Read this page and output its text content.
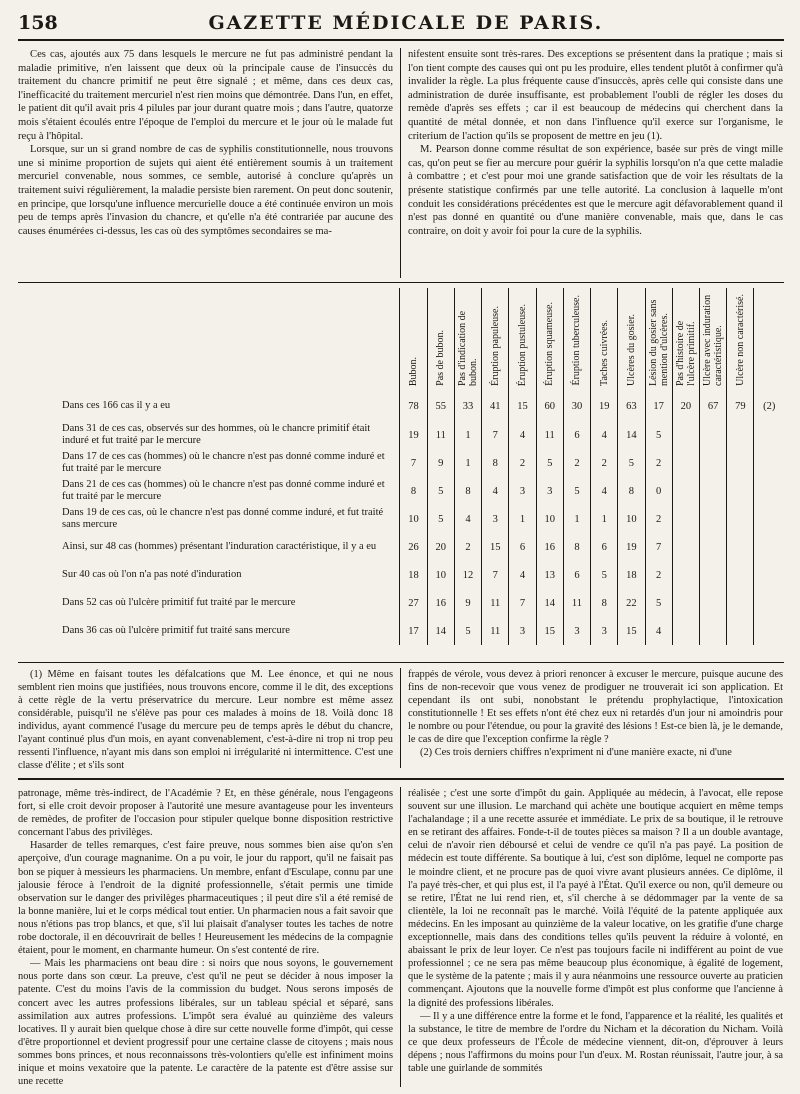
158	GAZETTE MÉDICALE DE PARIS.

Ces cas, ajoutés aux 75 dans lesquels le mercure ne fut pas administré pendant la maladie primitive, n'en laissent que deux où la principale cause de l'insuccès du traitement du chancre primitif ne peut être signalé ; et même, dans ces deux cas, l'inefficacité du traitement mercuriel n'est rien moins que démontrée. Dans l'un, en effet, le patient dit qu'il avait pris 4 pilules par jour durant quatre mois ; dans l'autre, quatorze mois s'étaient écoulés entre l'époque de l'emploi du mercure et le jour où le malade fut reçu à l'hôpital.

Lorsque, sur un si grand nombre de cas de syphilis constitutionnelle, nous trouvons une si minime proportion de sujets qui aient été entièrement soumis à un traitement mercuriel convenable, nous sommes, ce semble, autorisé à conclure qu'après un traitement suivi régulièrement, la maladie persiste bien rarement. On peut donc soutenir, en principe, que lorsqu'une influence mercurielle douce a été continuée environ un mois peu de temps après l'invasion du chancre, et qu'elle n'a été contrariée par aucune des causes énumérées ci-dessus, les cas où des symptômes secondaires se ma-

nifestent ensuite sont très-rares. Des exceptions se présentent dans la pratique ; mais si l'on tient compte des causes qui ont pu les produire, elles tendent plutôt à confirmer qu'à invalider la règle. La plus fréquente cause d'insuccès, après celle qui consiste dans une administration de durée insuffisante, est probablement l'oubli de régler les doses du remède d'après ses effets ; car il est beaucoup de médecins qui cherchent dans la quantité de métal donnée, et non dans l'influence qu'il exerce sur l'organisme, le criterium de l'action qu'ils se proposent de mettre en jeu (1).

M. Pearson donne comme résultat de son expérience, basée sur près de vingt mille cas, qu'on peut se fier au mercure pour guérir la syphilis lorsqu'on n'a que cette maladie à combattre ; et c'est pour moi une grande satisfaction que de voir les résultats de la présente statistique confirmés par une telle autorité. La conclusion à laquelle m'ont conduit les considérations précédentes est que le mercure agit défavorablement quand il n'est pas donné en quantité ou d'une manière convenable, mais que, dans le cas contraire, on doit y avoir foi pour la cure de la syphilis.

	Bubon.	Pas de bubon.	Pas d'indication de bubon.	Éruption papuleuse.	Éruption pustuleuse.	Éruption squameuse.	Éruption tuberculeuse.	Taches cuivrées.	Ulcères du gosier.	Lésion du gosier sans mention d'ulcères.	Pas d'histoire de l'ulcère primitif.	Ulcère avec induration caractéristique.	Ulcère non caractérisé.	
Dans ces 166 cas il y a eu	78	55	33	41	15	60	30	19	63	17	20	67	79	(2)
Dans 31 de ces cas, observés sur des hommes, où le chancre primitif était induré et fut traité par le mercure	19	11	1	7	4	11	6	4	14	5				
Dans 17 de ces cas (hommes) où le chancre n'est pas donné comme induré et fut traité par le mercure	7	9	1	8	2	5	2	2	5	2				
Dans 21 de ces cas (hommes) où le chancre n'est pas donné comme induré et fut traité par le mercure	8	5	8	4	3	3	5	4	8	0				
Dans 19 de ces cas, où le chancre n'est pas donné comme induré, et fut traité sans mercure	10	5	4	3	1	10	1	1	10	2				
Ainsi, sur 48 cas (hommes) présentant l'induration caractéristique, il y a eu	26	20	2	15	6	16	8	6	19	7				
Sur 40 cas où l'on n'a pas noté d'induration	18	10	12	7	4	13	6	5	18	2				
Dans 52 cas où l'ulcère primitif fut traité par le mercure	27	16	9	11	7	14	11	8	22	5				
Dans 36 cas où l'ulcère primitif fut traité sans mercure	17	14	5	11	3	15	3	3	15	4				

(1) Même en faisant toutes les défalcations que M. Lee énonce, et qui ne nous semblent rien moins que justifiées, nous trouvons encore, comme il le dit, des exceptions à cette règle de la vertu préservatrice du mercure. Leur nombre est même assez considérable, puisqu'il ne s'élève pas pour ces malades à moins de 18. Voilà donc 18 individus, ayant commencé l'usage du mercure peu de temps après le début du chancre, l'ayant continué plus d'un mois, en ayant convenablement, c'est-à-dire ni trop ni trop peu ressenti l'influence, n'ayant mis dans son emploi ni irrégularité ni intermittence. C'est une classe d'élite ; et s'ils sont

frappés de vérole, vous devez à priori renoncer à excuser le mercure, puisque aucune des fins de non-recevoir que vous venez de prodiguer ne trouverait ici son application. Et cependant ils ont subi, nonobstant le prétendu prophylactique, l'intoxication constitutionnelle ! Et ses effets n'ont été chez eux ni retardés d'un jour ni amoindris pour le nombre ou pour l'étendue, ou pour la gravité des lésions ! Est-ce bien là, je le demande, le cas de dire que l'exception confirme la règle ?

(2) Ces trois derniers chiffres n'expriment ni d'une manière exacte, ni d'une

patronage, même très-indirect, de l'Académie ? Et, en thèse générale, nous l'engageons fort, si elle croit devoir proposer à l'autorité une mesure avantageuse pour les inventeurs de remèdes, de profiter de l'occasion pour stipuler quelque bonne disposition restrictive concernant l'abus des privilèges.

Hasarder de telles remarques, c'est faire preuve, nous sommes bien aise qu'on s'en aperçoive, d'un courage magnanime. On a pu voir, le jour du rapport, qu'il ne faisait pas bon se piquer à messieurs les pharmaciens. Un membre, enfant d'Esculape, connu par une jalousie féroce à l'endroit de la dignité professionnelle, s'était permis une timide observation sur le danger des privilèges pharmaceutiques ; il peut dire s'il a été remisé de la bonne manière, lui et le corps médical tout entier. Un pharmacien nous a fait savoir que nous n'étions pas trop blancs, et que, s'il lui plaisait d'analyser toutes les taches de notre robe doctorale, il en découvrirait de belles ! Heureusement les médecins de la compagnie étaient, pour le moment, en charmante humeur. On s'est contenté de rire.

— Mais les pharmaciens ont beau dire : si noirs que nous soyons, le gouvernement nous porte dans son cœur. La preuve, c'est qu'il ne peut se décider à nous imposer la patente. C'est du moins l'avis de la commission du budget. Nous serons imposés de concert avec les autres professions libérales, sur un tableau spécial et séparé, sans assimilation aux autres professions. L'impôt sera évalué au quinzième des valeurs locatives. Il y aurait bien quelque chose à dire sur cette nouvelle forme d'impôt, qui cesse d'être proportionnel et devient progressif pour une certaine classe de citoyens ; mais nous sommes bons princes, et nous reconnaissons très-volontiers qu'elle est infiniment moins inique et moins vexatoire que la patente. Le caractère de la patente est d'être assise sur une recette

réalisée ; c'est une sorte d'impôt du gain. Appliquée au médecin, à l'avocat, elle repose souvent sur une illusion. Le marchand qui achète une boutique acquiert en même temps l'achalandage ; il a une recette assurée et immédiate. Le prix de sa boutique, il le retrouve en se retirant des affaires. Fonde-t-il de toutes pièces sa maison ? Il a un double avantage, celui de n'avoir rien déboursé et celui de vendre ce qu'il n'a pas payé. La position de médecin est toute différente. Sa boutique à lui, c'est son diplôme, lequel ne comporte pas le moindre client, et ne procure pas de quoi vivre avant plusieurs années. Ce diplôme, il l'a payé très-cher, et qui plus est, il l'a payé à l'État. Qu'il exerce ou non, qu'il demeure ou se retire, l'État ne lui rend rien, et, s'il cherche à se dédommager par la vente de sa clientèle, la loi ne reconnaît pas le marché. Voilà l'équité de la patente appliquée aux médecins. En les imposant au quinzième de la valeur locative, on les gratifie d'une charge exceptionnelle, mais dans des conditions telles qu'ils peuvent la réduire à volonté, en abaissant le prix de leur loyer. Ce n'est pas toujours facile ni indifférent au point de vue professionnel ; ce ne sera pas même beaucoup plus économique, à égalité de logement, que le système de la patente ; mais il y aura néanmoins une ressource ouverte au praticien commençant. Ajoutons que la nouvelle forme d'impôt est plus conforme que l'ancienne à la dignité des professions libérales.

— Il y a une différence entre la forme et le fond, l'apparence et la réalité, les qualités et la substance, le titre de membre de l'ordre du Nicham et la décoration du Nicham. Voilà ce que deux professeurs de l'École de médecine viennent, dit-on, d'éprouver à leurs dépens ; nous l'affirmons du moins pour l'un d'eux. M. Rostan réunissait, l'autre jour, à sa table une guirlande de sommités
